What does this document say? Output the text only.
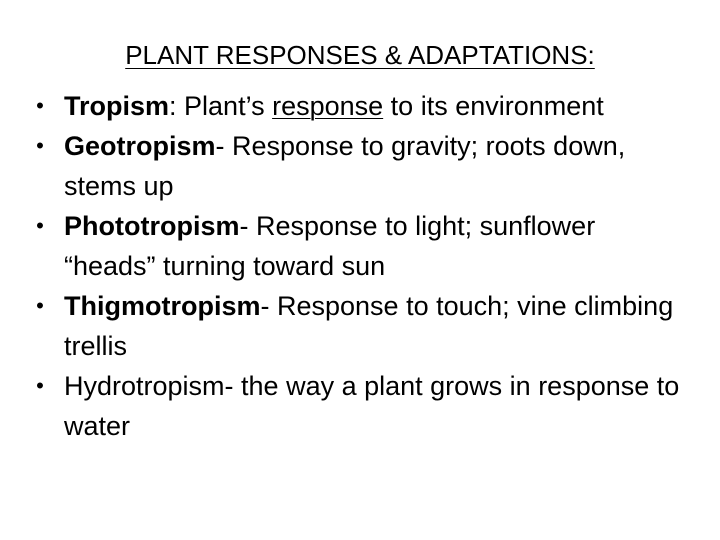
PLANT RESPONSES & ADAPTATIONS:
• Tropism: Plant’s response to its environment
• Geotropism- Response to gravity; roots down, stems up
• Phototropism- Response to light; sunflower “heads” turning toward sun
• Thigmotropism- Response to touch; vine climbing trellis
• Hydrotropism- the way a plant grows in response to water
